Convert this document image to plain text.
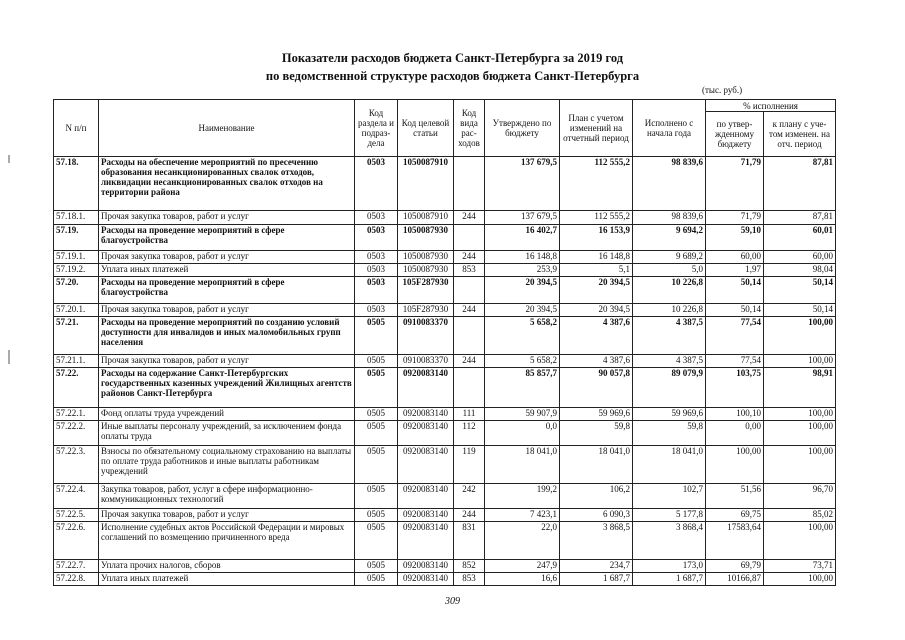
Показатели расходов бюджета Санкт-Петербурга за 2019 год
по ведомственной структуре расходов бюджета Санкт-Петербурга
(тыс. руб.)
N п/п	Наименование	Код раздела и подраз-дела	Код целевой статьи	Код вида рас-ходов	Утверждено по бюджету	План с учетом изменений на отчетный период	Исполнено с начала года	% исполнения	
								по утвер-жденному бюджету	к плану с уче-том изменен. на отч. период
57.18.	Расходы на обеспечение мероприятий по пресечению образования несанкционированных свалок отходов, ликвидации несанкционированных свалок отходов на территории района	0503	1050087910		137 679,5	112 555,2	98 839,6	71,79	87,81
57.18.1.	Прочая закупка товаров, работ и услуг	0503	1050087910	244	137 679,5	112 555,2	98 839,6	71,79	87,81
57.19.	Расходы на проведение мероприятий в сфере благоустройства	0503	1050087930		16 402,7	16 153,9	9 694,2	59,10	60,01
57.19.1.	Прочая закупка товаров, работ и услуг	0503	1050087930	244	16 148,8	16 148,8	9 689,2	60,00	60,00
57.19.2.	Уплата иных платежей	0503	1050087930	853	253,9	5,1	5,0	1,97	98,04
57.20.	Расходы на проведение мероприятий в сфере благоустройства	0503	105F287930		20 394,5	20 394,5	10 226,8	50,14	50,14
57.20.1.	Прочая закупка товаров, работ и услуг	0503	105F287930	244	20 394,5	20 394,5	10 226,8	50,14	50,14
57.21.	Расходы на проведение мероприятий по созданию условий доступности для инвалидов и иных маломобильных групп населения	0505	0910083370		5 658,2	4 387,6	4 387,5	77,54	100,00
57.21.1.	Прочая закупка товаров, работ и услуг	0505	0910083370	244	5 658,2	4 387,6	4 387,5	77,54	100,00
57.22.	Расходы на содержание Санкт-Петербургских государственных казенных учреждений Жилищных агентств районов Санкт-Петербурга	0505	0920083140		85 857,7	90 057,8	89 079,9	103,75	98,91
57.22.1.	Фонд оплаты труда учреждений	0505	0920083140	111	59 907,9	59 969,6	59 969,6	100,10	100,00
57.22.2.	Иные выплаты персоналу учреждений, за исключением фонда оплаты труда	0505	0920083140	112	0,0	59,8	59,8	0,00	100,00
57.22.3.	Взносы по обязательному социальному страхованию на выплаты по оплате труда работников и иные выплаты работникам учреждений	0505	0920083140	119	18 041,0	18 041,0	18 041,0	100,00	100,00
57.22.4.	Закупка товаров, работ, услуг в сфере информационно-коммуникационных технологий	0505	0920083140	242	199,2	106,2	102,7	51,56	96,70
57.22.5.	Прочая закупка товаров, работ и услуг	0505	0920083140	244	7 423,1	6 090,3	5 177,8	69,75	85,02
57.22.6.	Исполнение судебных актов Российской Федерации и мировых соглашений по возмещению причиненного вреда	0505	0920083140	831	22,0	3 868,5	3 868,4	17583,64	100,00
57.22.7.	Уплата прочих налогов, сборов	0505	0920083140	852	247,9	234,7	173,0	69,79	73,71
57.22.8.	Уплата иных платежей	0505	0920083140	853	16,6	1 687,7	1 687,7	10166,87	100,00
309
